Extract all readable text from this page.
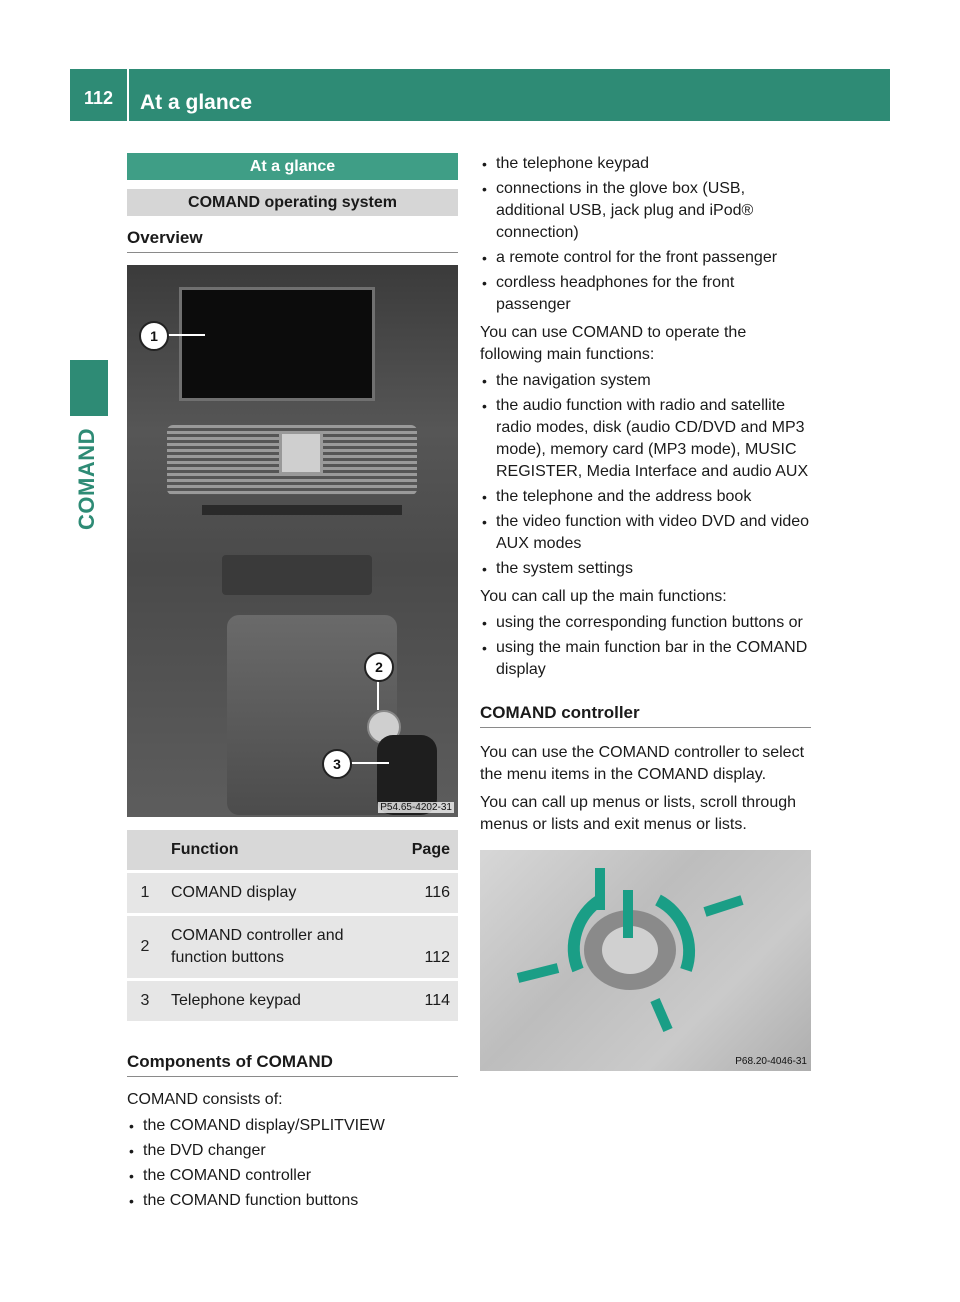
112 At a glance
COMAND
At a glance
COMAND operating system
Overview
1
2
3
P54.65-4202-31
	Function	Page
1	COMAND display	116
2	COMAND controller and function buttons	112
3	Telephone keypad	114
Components of COMAND

COMAND consists of:

• the COMAND display/SPLITVIEW
• the DVD changer
• the COMAND controller
• the COMAND function buttons
• the telephone keypad
• connections in the glove box (USB, additional USB, jack plug and iPod® connection)
• a remote control for the front passenger
• cordless headphones for the front passenger

You can use COMAND to operate the following main functions:

• the navigation system
• the audio function with radio and satellite radio modes, disk (audio CD/DVD and MP3 mode), memory card (MP3 mode), MUSIC REGISTER, Media Interface and audio AUX
• the telephone and the address book
• the video function with video DVD and video AUX modes
• the system settings

You can call up the main functions:

• using the corresponding function buttons or
• using the main function bar in the COMAND display
COMAND controller

You can use the COMAND controller to select the menu items in the COMAND display.

You can call up menus or lists, scroll through menus or lists and exit menus or lists.

P68.20-4046-31
